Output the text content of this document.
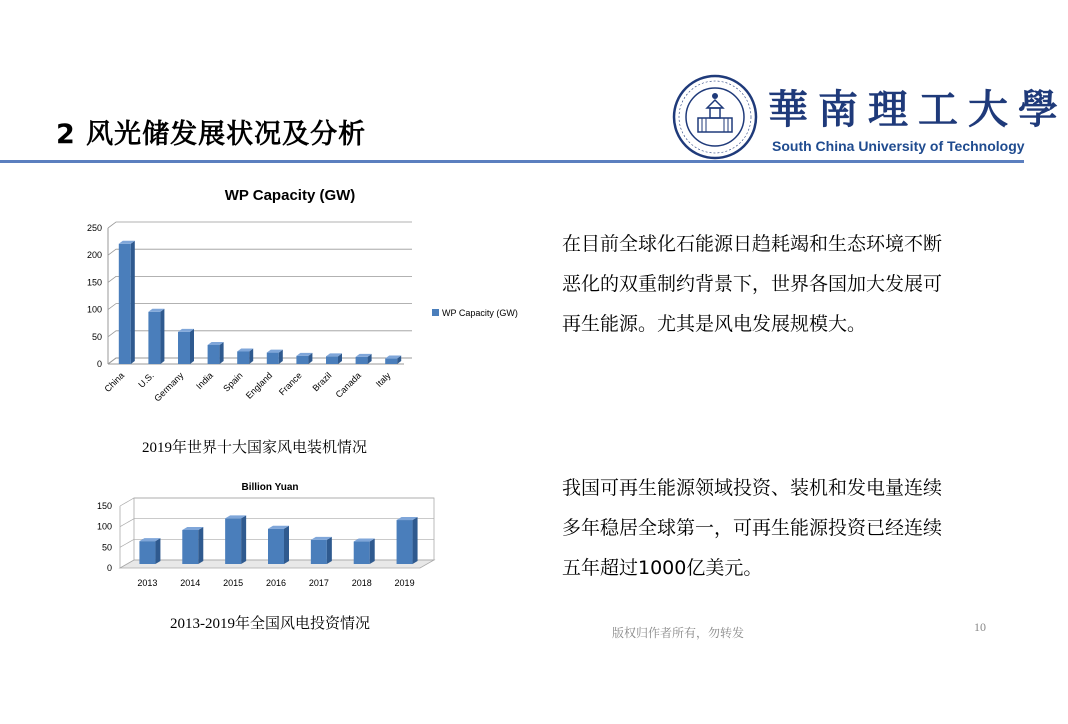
2 风光储发展状况及分析
華南理工大學
South China University of Technology
WP Capacity (GW)
0
50
100
150
200
250
China U.S.
Germany India Spain England France Brazil Canada Italy
WP Capacity (GW)
2019年世界十大国家风电装机情况
Billion Yuan
0
50
100
150
2013	2014	2015	2016	2017	2018	2019
2013-2019年全国风电投资情况
在目前全球化石能源日趋耗竭和生态环境不断恶化的双重制约背景下，世界各国加大发展可再生能源。尤其是风电发展规模大。
我国可再生能源领域投资、装机和发电量连续多年稳居全球第一，可再生能源投资已经连续五年超过1000亿美元。
版权归作者所有，勿转发	10
